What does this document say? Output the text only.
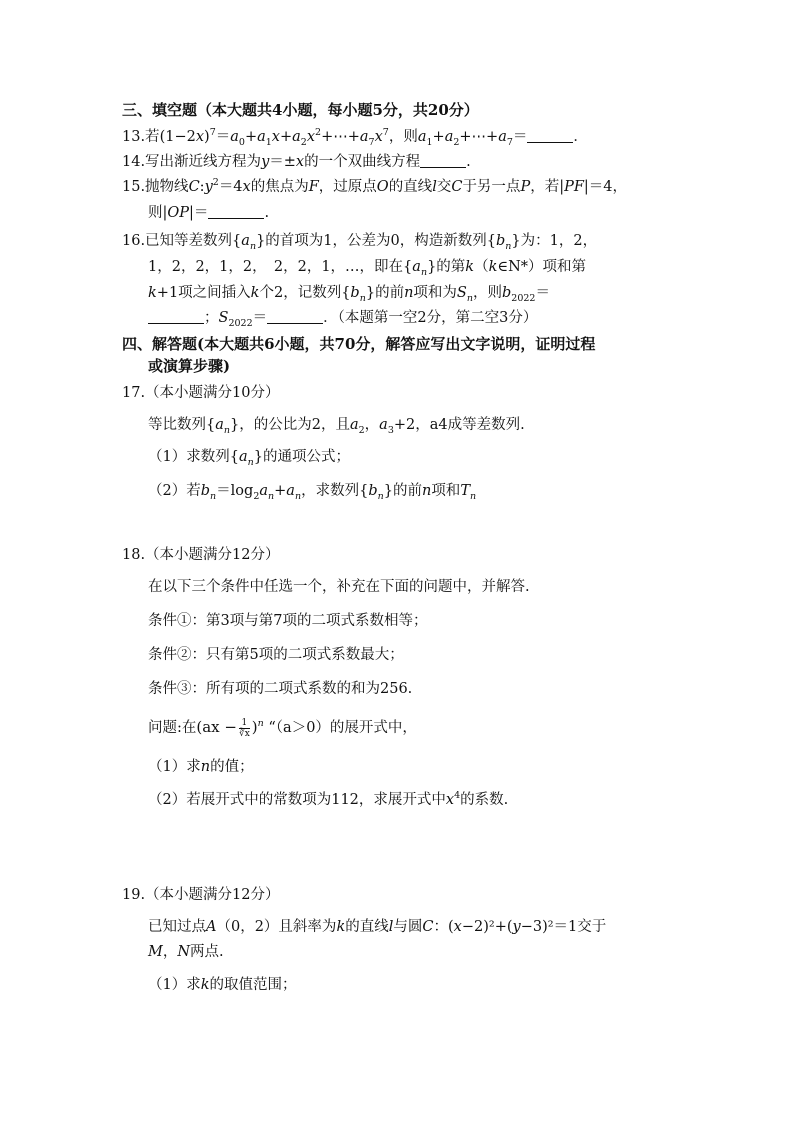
三、填空题（本大题共4小题，每小题5分，共20分）
13.若$(1-2x)^7=a_0+a_1x+a_2x^2+\cdots+a_7x^7$，则$a_1+a_2+\cdots+a_7=$	．
14.写出渐近线方程为y＝±x的一个双曲线方程	.
15.抛物线$C:y^2=4x$的焦点为F，过原点O的直线l交C于另一点P，若|PF|＝4，
则|OP|＝	.
16.已知等差数列$\{a_n\}$的首项为1，公差为0，构造新数列$\{b_n\}$为：1，2，
1，2，2，1，2，　2，2，1，…，即在$\{a_n\}$的第k（k∈N*）项和第
k+1项之间插入k个2，记数列$\{b_n\}$的前n项和为$S_n$，则$b_{2022}=$
；$S_{2022}=$	．（本题第一空2分，第二空3分）
四、解答题(本大题共6小题，共70分，解答应写出文字说明，证明过程
或演算步骤)
17.（本小题满分10分）
等比数列$\{a_n\}$，的公比为2，且$a_2$，$a_3+2$，a4成等差数列.
（1）求数列$\{a_n\}$的通项公式；
（2）若$b_n=\log_2a_n+a_n$，求数列$\{b_n\}$的前n项和$T_n$
18.（本小题满分12分）
在以下三个条件中任选一个，补充在下面的问题中，并解答.
条件①：第3项与第7项的二项式系数相等；
条件②：只有第5项的二项式系数最大；
条件③：所有项的二项式系数的和为256.
问题:在$(ax - \frac{1}{∛x} )^n$ “（a＞0）的展开式中，
（1）求n的值；
（2）若展开式中的常数项为112，求展开式中$x^4$的系数.
19.（本小题满分12分）
已知过点A（0，2）且斜率为k的直线l与圆C：(x−2)²+(y−3)²＝1交于
M，N两点.
（1）求k的取值范围；
